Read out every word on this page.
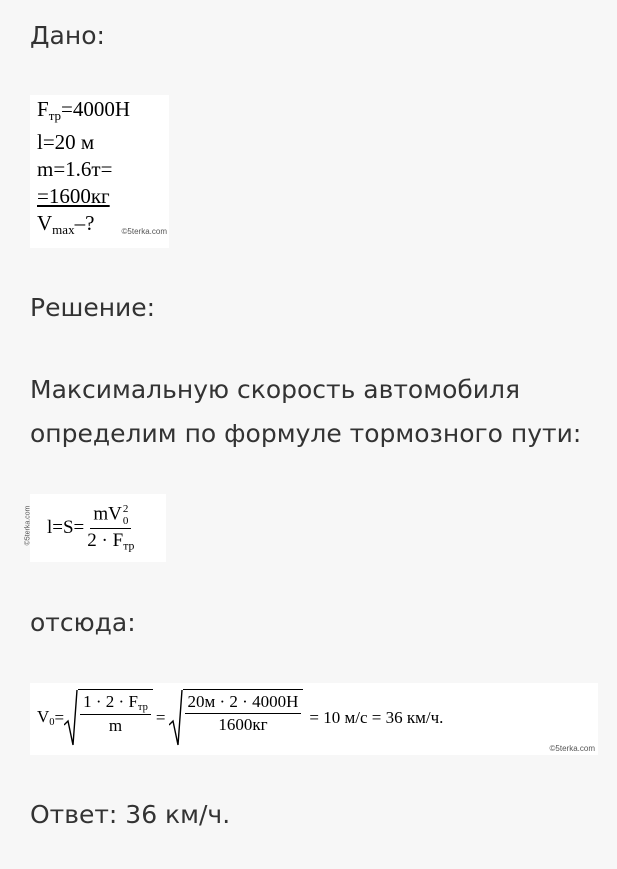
Дано:

$F_{тр}=4000Н$
l=20 м
m=1.6т=
=1600кг
$V_{max}-$?	©5terka.com

Решение:

Максимальную скорость автомобиля определим по формуле тормозного пути:

©5terka.com l=S= mV 2
0
$2 \cdot F_{тр}$

отсюда:

$V_0 = \frac{1 \cdot 2 \cdot F_{тр}}{m} = \frac{20м \cdot 2 \cdot 4000Н}{1600кг} = 10$ м/с = 36 км/ч.
©5terka.com

Ответ: 36 км/ч.
